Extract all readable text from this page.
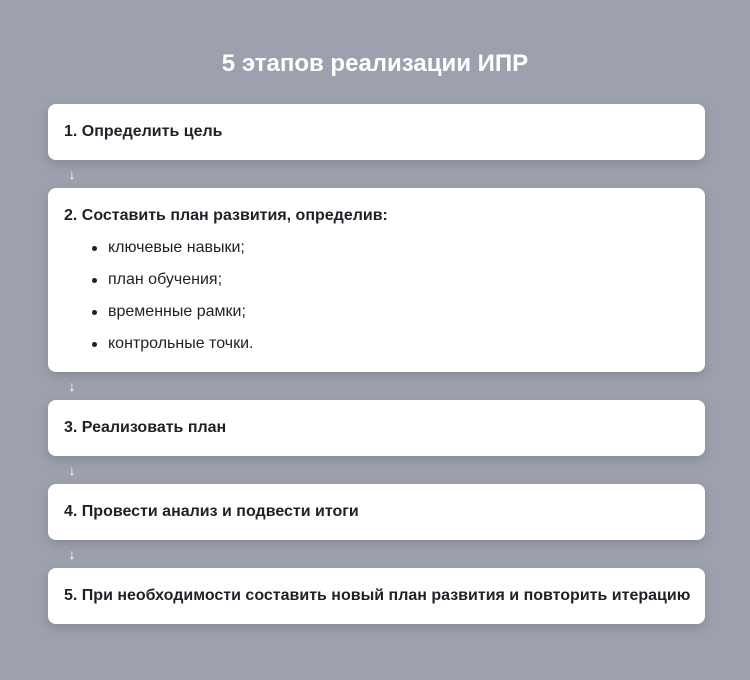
5 этапов реализации ИПР
1. Определить цель
↓
2. Составить план развития, определив:
ключевые навыки;
план обучения;
временные рамки;
контрольные точки.
↓
3. Реализовать план
↓
4. Провести анализ и подвести итоги
↓
5. При необходимости составить новый план развития и повторить итерацию
